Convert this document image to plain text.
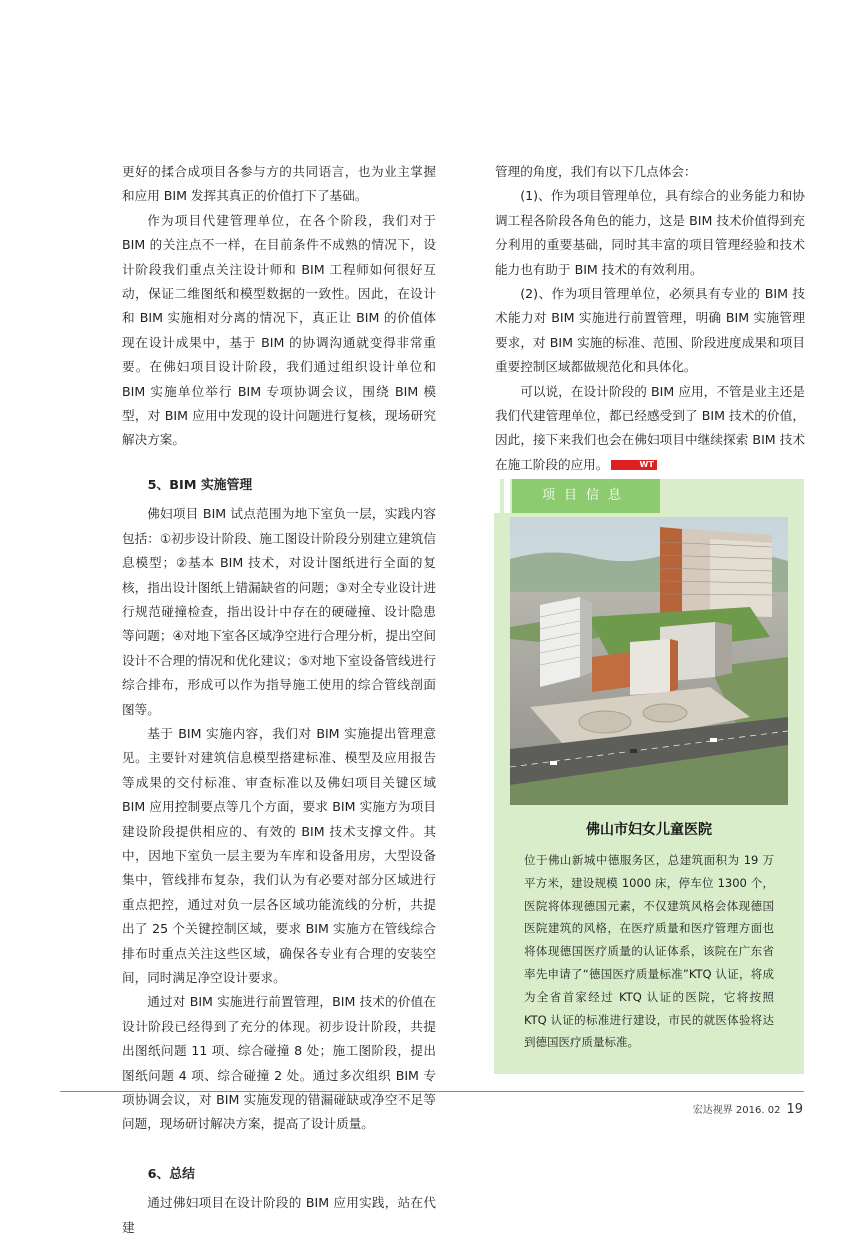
更好的揉合成项目各参与方的共同语言，也为业主掌握和应用 BIM 发挥其真正的价值打下了基础。

作为项目代建管理单位，在各个阶段，我们对于 BIM 的关注点不一样，在目前条件不成熟的情况下，设计阶段我们重点关注设计师和 BIM 工程师如何很好互动，保证二维图纸和模型数据的一致性。因此，在设计和 BIM 实施相对分离的情况下，真正让 BIM 的价值体现在设计成果中，基于 BIM 的协调沟通就变得非常重要。在佛妇项目设计阶段，我们通过组织设计单位和 BIM 实施单位举行 BIM 专项协调会议，围绕 BIM 模型，对 BIM 应用中发现的设计问题进行复核，现场研究解决方案。

5、BIM 实施管理

佛妇项目 BIM 试点范围为地下室负一层，实践内容包括：①初步设计阶段、施工图设计阶段分别建立建筑信息模型；②基本 BIM 技术，对设计图纸进行全面的复核，指出设计图纸上错漏缺省的问题；③对全专业设计进行规范碰撞检查，指出设计中存在的硬碰撞、设计隐患等问题；④对地下室各区域净空进行合理分析，提出空间设计不合理的情况和优化建议；⑤对地下室设备管线进行综合排布，形成可以作为指导施工使用的综合管线剖面图等。

基于 BIM 实施内容，我们对 BIM 实施提出管理意见。主要针对建筑信息模型搭建标准、模型及应用报告等成果的交付标准、审查标准以及佛妇项目关键区域 BIM 应用控制要点等几个方面，要求 BIM 实施方为项目建设阶段提供相应的、有效的 BIM 技术支撑文件。其中，因地下室负一层主要为车库和设备用房，大型设备集中，管线排布复杂，我们认为有必要对部分区域进行重点把控，通过对负一层各区域功能流线的分析，共提出了 25 个关键控制区域，要求 BIM 实施方在管线综合排布时重点关注这些区域，确保各专业有合理的安装空间，同时满足净空设计要求。

通过对 BIM 实施进行前置管理，BIM 技术的价值在设计阶段已经得到了充分的体现。初步设计阶段，共提出图纸问题 11 项、综合碰撞 8 处；施工图阶段，提出图纸问题 4 项、综合碰撞 2 处。通过多次组织 BIM 专项协调会议，对 BIM 实施发现的错漏碰缺或净空不足等问题，现场研讨解决方案，提高了设计质量。

6、总结

通过佛妇项目在设计阶段的 BIM 应用实践，站在代建

管理的角度，我们有以下几点体会：

(1)、作为项目管理单位，具有综合的业务能力和协调工程各阶段各角色的能力，这是 BIM 技术价值得到充分利用的重要基础，同时其丰富的项目管理经验和技术能力也有助于 BIM 技术的有效利用。

(2)、作为项目管理单位，必须具有专业的 BIM 技术能力对 BIM 实施进行前置管理，明确 BIM 实施管理要求，对 BIM 实施的标准、范围、阶段进度成果和项目重要控制区域都做规范化和具体化。

可以说，在设计阶段的 BIM 应用，不管是业主还是我们代建管理单位，都已经感受到了 BIM 技术的价值，因此，接下来我们也会在佛妇项目中继续探索 BIM 技术在施工阶段的应用。	WT

项目信息
佛山市妇女儿童医院

位于佛山新城中德服务区，总建筑面积为 19 万平方米，建设规模 1000 床，停车位 1300 个，医院将体现德国元素，不仅建筑风格会体现德国医院建筑的风格，在医疗质量和医疗管理方面也将体现德国医疗质量的认证体系，该院在广东省率先申请了“德国医疗质量标准”KTQ 认证，将成为全省首家经过 KTQ 认证的医院，它将按照 KTQ 认证的标准进行建设，市民的就医体验将达到德国医疗质量标准。

宏达视界 2016. 02 19
